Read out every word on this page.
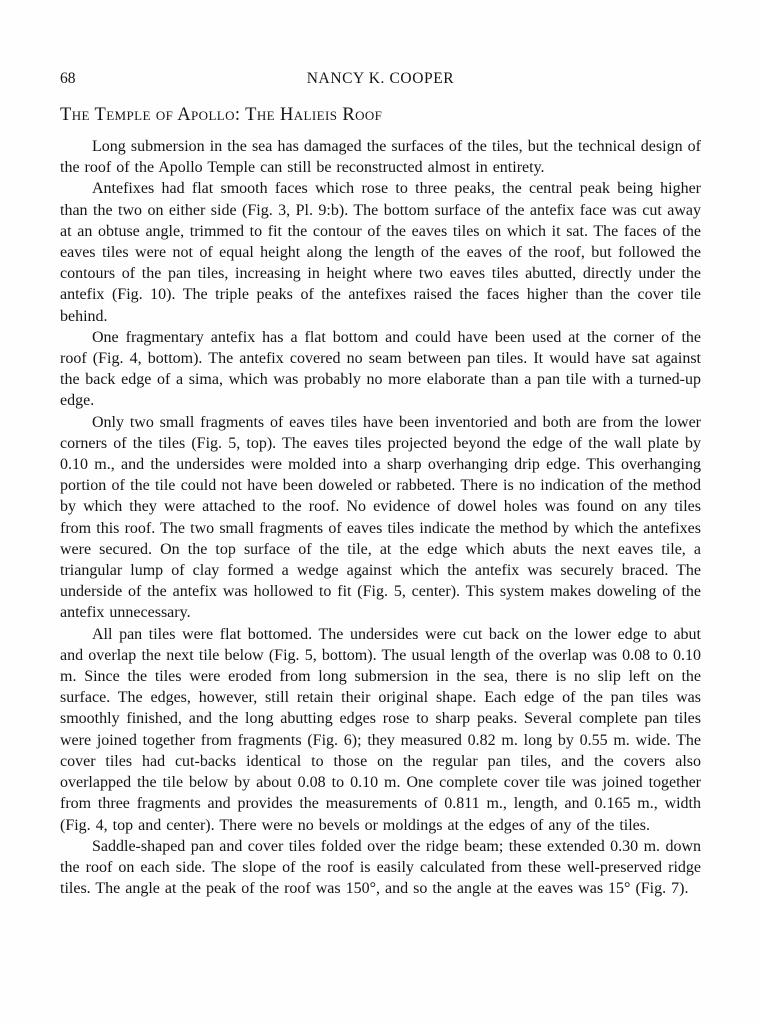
68	NANCY K. COOPER
The Temple of Apollo: The Halieis Roof

Long submersion in the sea has damaged the surfaces of the tiles, but the technical design of the roof of the Apollo Temple can still be reconstructed almost in entirety.

Antefixes had flat smooth faces which rose to three peaks, the central peak being higher than the two on either side (Fig. 3, Pl. 9:b). The bottom surface of the antefix face was cut away at an obtuse angle, trimmed to fit the contour of the eaves tiles on which it sat. The faces of the eaves tiles were not of equal height along the length of the eaves of the roof, but followed the contours of the pan tiles, increasing in height where two eaves tiles abutted, directly under the antefix (Fig. 10). The triple peaks of the antefixes raised the faces higher than the cover tile behind.

One fragmentary antefix has a flat bottom and could have been used at the corner of the roof (Fig. 4, bottom). The antefix covered no seam between pan tiles. It would have sat against the back edge of a sima, which was probably no more elaborate than a pan tile with a turned-up edge.

Only two small fragments of eaves tiles have been inventoried and both are from the lower corners of the tiles (Fig. 5, top). The eaves tiles projected beyond the edge of the wall plate by 0.10 m., and the undersides were molded into a sharp overhanging drip edge. This overhanging portion of the tile could not have been doweled or rabbeted. There is no indication of the method by which they were attached to the roof. No evidence of dowel holes was found on any tiles from this roof. The two small fragments of eaves tiles indicate the method by which the antefixes were secured. On the top surface of the tile, at the edge which abuts the next eaves tile, a triangular lump of clay formed a wedge against which the antefix was securely braced. The underside of the antefix was hollowed to fit (Fig. 5, center). This system makes doweling of the antefix unnecessary.

All pan tiles were flat bottomed. The undersides were cut back on the lower edge to abut and overlap the next tile below (Fig. 5, bottom). The usual length of the overlap was 0.08 to 0.10 m. Since the tiles were eroded from long submersion in the sea, there is no slip left on the surface. The edges, however, still retain their original shape. Each edge of the pan tiles was smoothly finished, and the long abutting edges rose to sharp peaks. Several complete pan tiles were joined together from fragments (Fig. 6); they measured 0.82 m. long by 0.55 m. wide. The cover tiles had cut-backs identical to those on the regular pan tiles, and the covers also overlapped the tile below by about 0.08 to 0.10 m. One complete cover tile was joined together from three fragments and provides the measurements of 0.811 m., length, and 0.165 m., width (Fig. 4, top and center). There were no bevels or moldings at the edges of any of the tiles.

Saddle-shaped pan and cover tiles folded over the ridge beam; these extended 0.30 m. down the roof on each side. The slope of the roof is easily calculated from these well-preserved ridge tiles. The angle at the peak of the roof was 150°, and so the angle at the eaves was 15° (Fig. 7).
